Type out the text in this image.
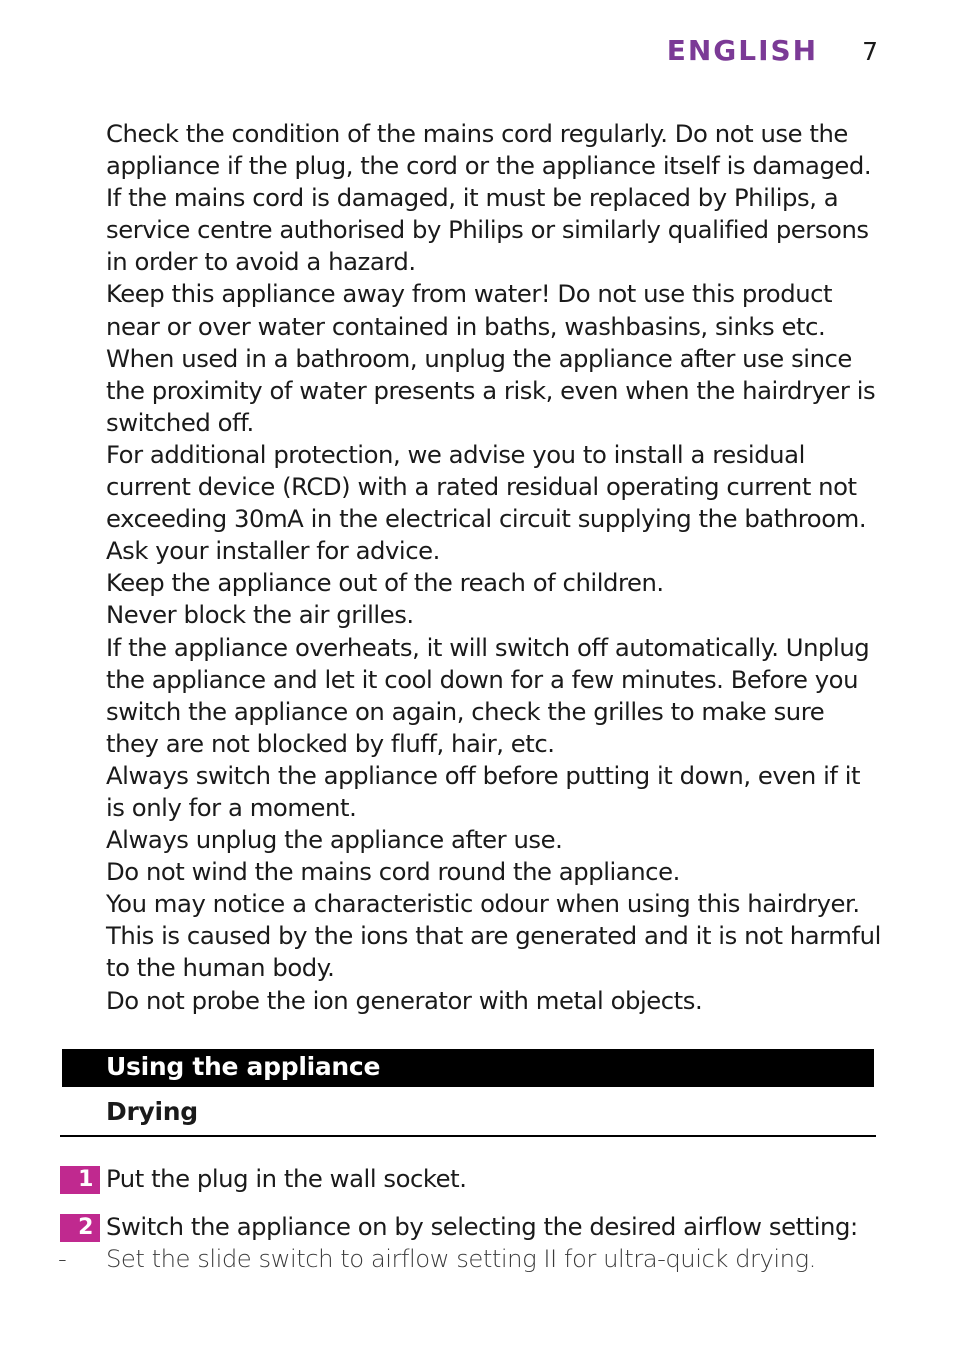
ENGLISH 7

Check the condition of the mains cord regularly. Do not use the appliance if the plug, the cord or the appliance itself is damaged.

If the mains cord is damaged, it must be replaced by Philips, a service centre authorised by Philips or similarly qualified persons in order to avoid a hazard.

Keep this appliance away from water! Do not use this product near or over water contained in baths, washbasins, sinks etc.

When used in a bathroom, unplug the appliance after use since the proximity of water presents a risk, even when the hairdryer is switched off.

For additional protection, we advise you to install a residual current device (RCD) with a rated residual operating current not exceeding 30mA in the electrical circuit supplying the bathroom. Ask your installer for advice.

Keep the appliance out of the reach of children.

Never block the air grilles.

If the appliance overheats, it will switch off automatically. Unplug the appliance and let it cool down for a few minutes. Before you switch the appliance on again, check the grilles to make sure they are not blocked by fluff, hair, etc.

Always switch the appliance off before putting it down, even if it is only for a moment.

Always unplug the appliance after use.

Do not wind the mains cord round the appliance.

You may notice a characteristic odour when using this hairdryer. This is caused by the ions that are generated and it is not harmful to the human body.

Do not probe the ion generator with metal objects.

Using the appliance
Drying
1 Put the plug in the wall socket.
2 Switch the appliance on by selecting the desired airflow setting:
- Set the slide switch to airflow setting II for ultra-quick drying.
